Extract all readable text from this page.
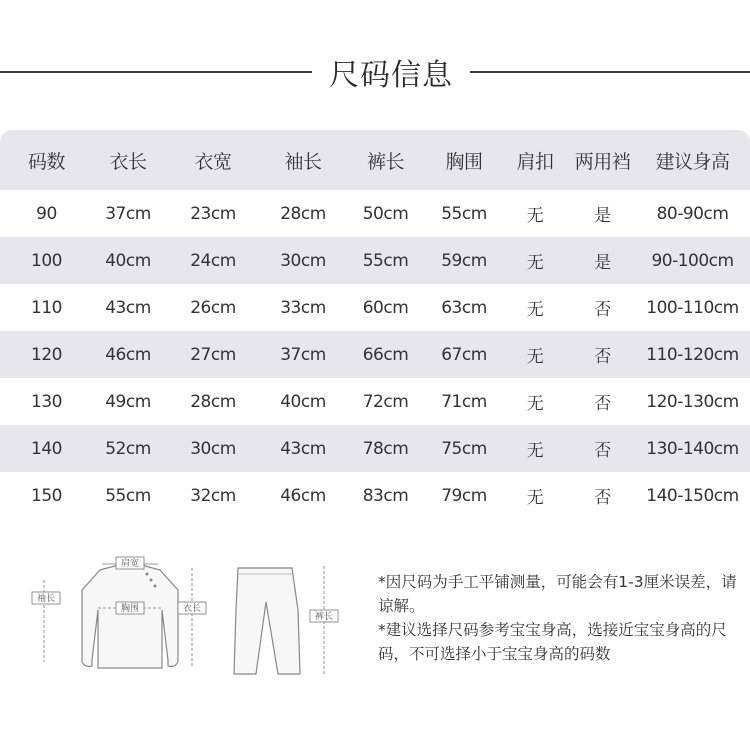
尺码信息
码数	衣长	衣宽	袖长	裤长	胸围	肩扣	两用裆	建议身高
90	37cm	23cm	28cm	50cm	55cm	无	是	80-90cm
100	40cm	24cm	30cm	55cm	59cm	无	是	90-100cm
110	43cm	26cm	33cm	60cm	63cm	无	否	100-110cm
120	46cm	27cm	37cm	66cm	67cm	无	否	110-120cm
130	49cm	28cm	40cm	72cm	71cm	无	否	120-130cm
140	52cm	30cm	43cm	78cm	75cm	无	否	130-140cm
150	55cm	32cm	46cm	83cm	79cm	无	否	140-150cm
肩宽
胸围
袖长
衣长
裤长

*因尺码为手工平铺测量，可能会有1-3厘米误差，请谅解。

*建议选择尺码参考宝宝身高，选接近宝宝身高的尺码，不可选择小于宝宝身高的码数
